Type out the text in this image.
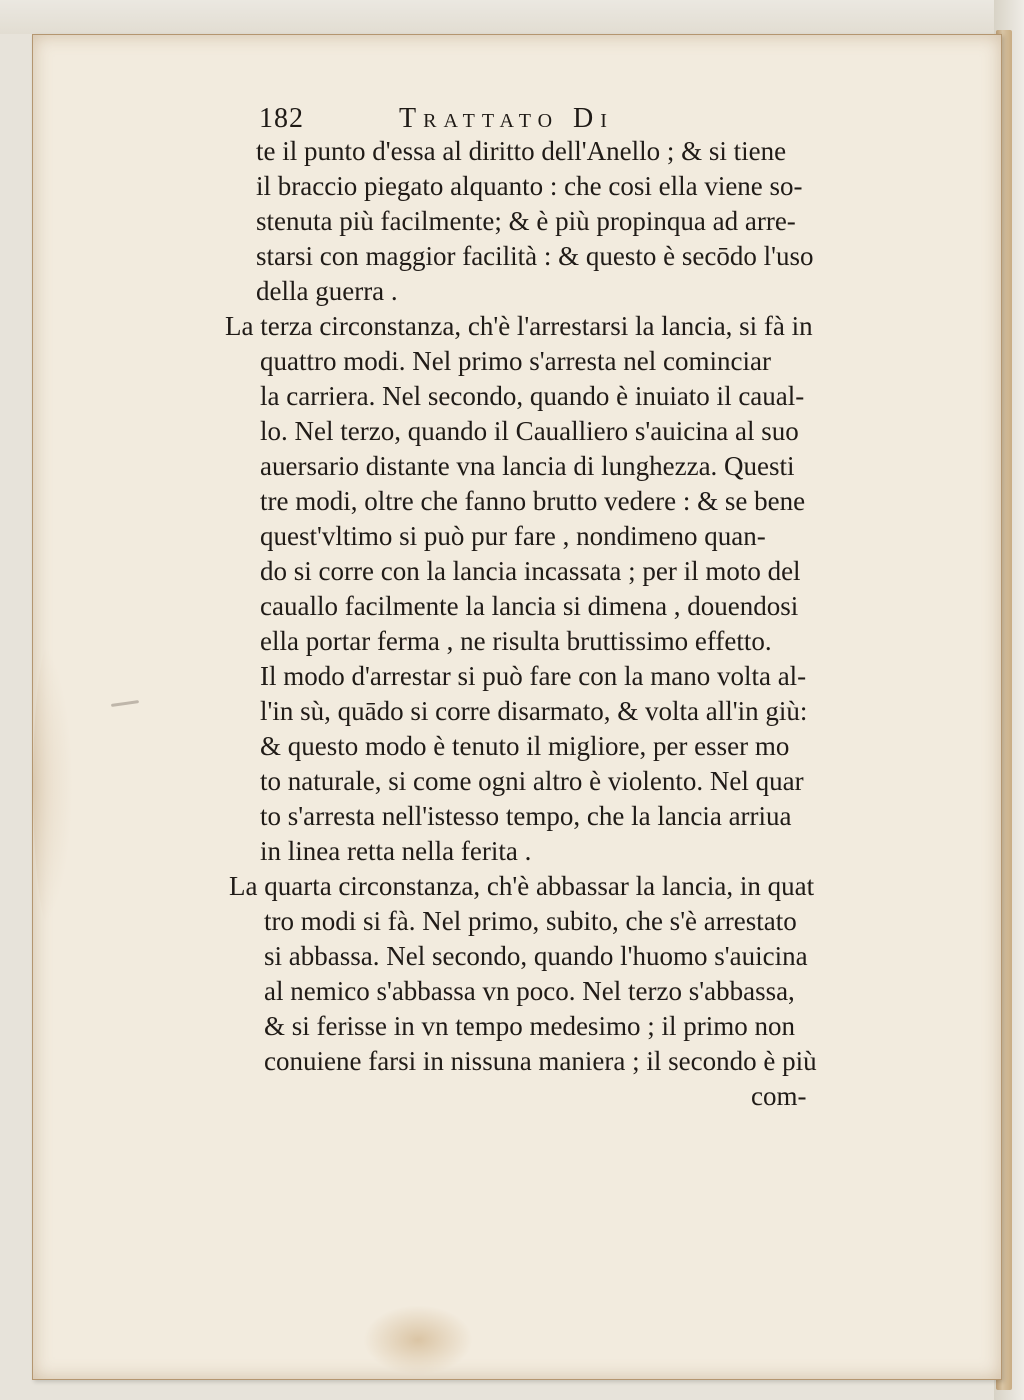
182	Trattato Di
te il punto d'essa al diritto dell'Anello ; & si tiene
il braccio piegato alquanto : che cosi ella viene so-
stenuta più facilmente; & è più propinqua ad arre-
starsi con maggior facilità : & questo è secōdo l'uso
della guerra .
La terza circonstanza, ch'è l'arrestarsi la lancia, si fà in
quattro modi. Nel primo s'arresta nel cominciar
la carriera. Nel secondo, quando è inuiato il caual-
lo. Nel terzo, quando il Caualliero s'auicina al suo
auersario distante vna lancia di lunghezza. Questi
tre modi, oltre che fanno brutto vedere : & se bene
quest'vltimo si può pur fare , nondimeno quan-
do si corre con la lancia incassata ; per il moto del
cauallo facilmente la lancia si dimena , douendosi
ella portar ferma , ne risulta bruttissimo effetto.
Il modo d'arrestar si può fare con la mano volta al-
l'in sù, quādo si corre disarmato, & volta all'in giù:
& questo modo è tenuto il migliore, per esser mo
to naturale, si come ogni altro è violento. Nel quar
to s'arresta nell'istesso tempo, che la lancia arriua
in linea retta nella ferita .
La quarta circonstanza, ch'è abbassar la lancia, in quat
tro modi si fà. Nel primo, subito, che s'è arrestato
si abbassa. Nel secondo, quando l'huomo s'auicina
al nemico s'abbassa vn poco. Nel terzo s'abbassa,
& si ferisse in vn tempo medesimo ; il primo non
conuiene farsi in nissuna maniera ; il secondo è più
com-
